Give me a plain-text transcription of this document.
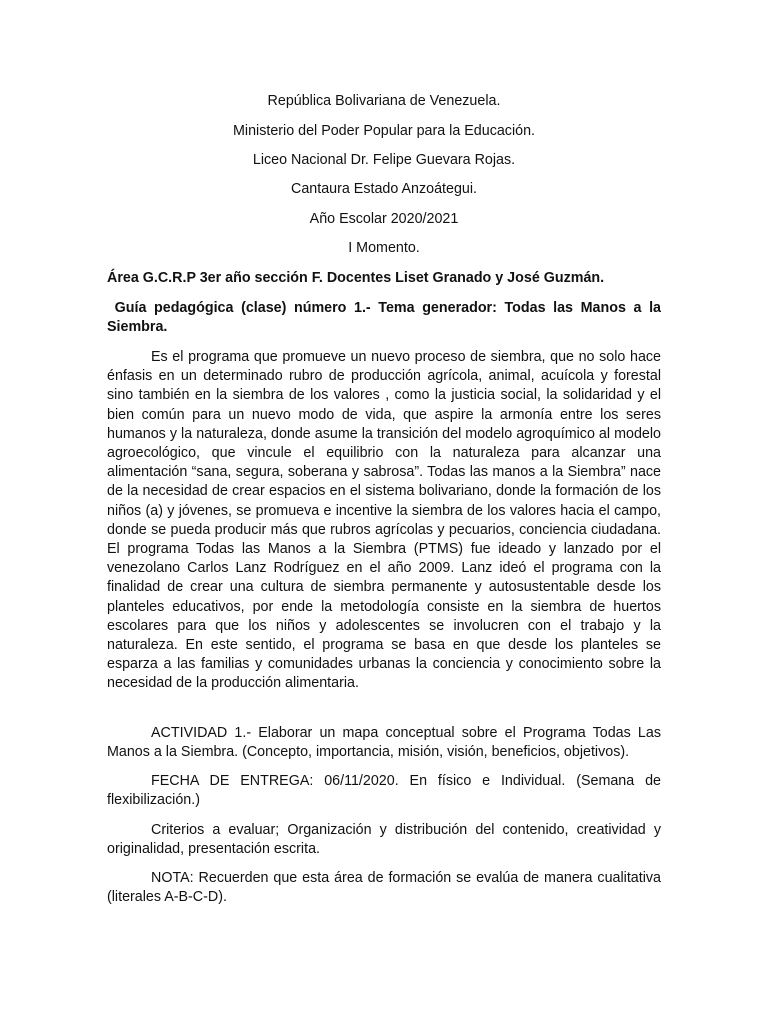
República Bolivariana de Venezuela.

Ministerio del Poder Popular para la Educación.

Liceo Nacional Dr. Felipe Guevara Rojas.

Cantaura Estado Anzoátegui.

Año Escolar 2020/2021

I Momento.

Área G.C.R.P 3er año sección F. Docentes Liset Granado y José Guzmán.

Guía pedagógica (clase) número 1.- Tema generador: Todas las Manos a la Siembra.

Es el programa que promueve un nuevo proceso de siembra, que no solo hace énfasis en un determinado rubro de producción agrícola, animal, acuícola y forestal sino también en la siembra de los valores , como la justicia social, la solidaridad y el bien común para un nuevo modo de vida, que aspire la armonía entre los seres humanos y la naturaleza, donde asume la transición del modelo agroquímico al modelo agroecológico, que vincule el equilibrio con la naturaleza para alcanzar una alimentación “sana, segura, soberana y sabrosa”. Todas las manos a la Siembra” nace de la necesidad de crear espacios en el sistema bolivariano, donde la formación de los niños (a) y jóvenes, se promueva e incentive la siembra de los valores hacia el campo, donde se pueda producir más que rubros agrícolas y pecuarios, conciencia ciudadana. El programa Todas las Manos a la Siembra (PTMS) fue ideado y lanzado por el venezolano Carlos Lanz Rodríguez en el año 2009. Lanz ideó el programa con la finalidad de crear una cultura de siembra permanente y autosustentable desde los planteles educativos, por ende la metodología consiste en la siembra de huertos escolares para que los niños y adolescentes se involucren con el trabajo y la naturaleza. En este sentido, el programa se basa en que desde los planteles se esparza a las familias y comunidades urbanas la conciencia y conocimiento sobre la necesidad de la producción alimentaria.

ACTIVIDAD 1.- Elaborar un mapa conceptual sobre el Programa Todas Las Manos a la Siembra. (Concepto, importancia, misión, visión, beneficios, objetivos).

FECHA DE ENTREGA: 06/11/2020. En físico e Individual. (Semana de flexibilización.)

Criterios a evaluar; Organización y distribución del contenido, creatividad y originalidad, presentación escrita.

NOTA: Recuerden que esta área de formación se evalúa de manera cualitativa (literales A-B-C-D).
